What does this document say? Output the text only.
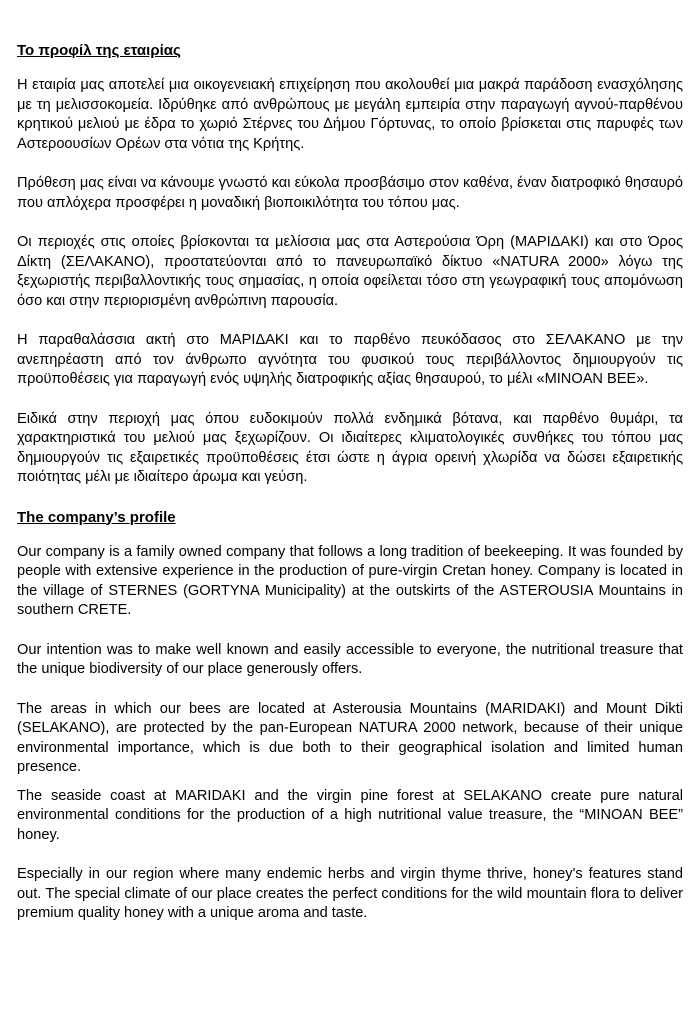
Το προφίλ της εταιρίας

Η εταιρία μας αποτελεί μια οικογενειακή επιχείρηση που ακολουθεί μια μακρά παράδοση ενασχόλησης με τη μελισσοκομεία. Ιδρύθηκε από ανθρώπους με μεγάλη εμπειρία στην παραγωγή αγνού-παρθένου κρητικού μελιού με έδρα το χωριό Στέρνες του Δήμου Γόρτυνας, το οποίο βρίσκεται στις παρυφές των Αστεροουσίων Ορέων στα νότια της Κρήτης.

Πρόθεση μας είναι να κάνουμε γνωστό και εύκολα προσβάσιμο στον καθένα, έναν διατροφικό θησαυρό που απλόχερα προσφέρει η μοναδική βιοποικιλότητα του τόπου μας.

Οι περιοχές στις οποίες βρίσκονται τα μελίσσια μας στα Αστερούσια Όρη (ΜΑΡΙΔΑΚΙ) και στο Όρος Δίκτη (ΣΕΛΑΚΑΝΟ), προστατεύονται από το πανευρωπαϊκό δίκτυο «NATURA 2000» λόγω της ξεχωριστής περιβαλλοντικής τους σημασίας, η οποία οφείλεται τόσο στη γεωγραφική τους απομόνωση όσο και στην περιορισμένη ανθρώπινη παρουσία.

Η παραθαλάσσια ακτή στο ΜΑΡΙΔΑΚΙ και το παρθένο πευκόδασος στο ΣΕΛΑΚΑΝΟ με την ανεπηρέαστη από τον άνθρωπο αγνότητα του φυσικού τους περιβάλλοντος δημιουργούν τις προϋποθέσεις για παραγωγή ενός υψηλής διατροφικής αξίας θησαυρού, το μέλι «MINOAN BEE».

Ειδικά στην περιοχή μας όπου ευδοκιμούν πολλά ενδημικά βότανα, και παρθένο θυμάρι, τα χαρακτηριστικά του μελιού μας ξεχωρίζουν. Οι ιδιαίτερες κλιματολογικές συνθήκες του τόπου μας δημιουργούν τις εξαιρετικές προϋποθέσεις έτσι ώστε η άγρια ορεινή χλωρίδα να δώσει εξαιρετικής ποιότητας μέλι με ιδιαίτερο άρωμα και γεύση.

The company’s profile

Our company is a family owned company that follows a long tradition of beekeeping. It was founded by people with extensive experience in the production of pure-virgin Cretan honey. Company is located in the village of STERNES (GORTYNA Municipality) at the outskirts of the ASTEROUSIA Mountains in southern CRETE.

Our intention was to make well known and easily accessible to everyone, the nutritional treasure that the unique biodiversity of our place generously offers.

The areas in which our bees are located at Asterousia Mountains (MARIDAKI) and Mount Dikti (SELAKANO), are protected by the pan-European NATURA 2000 network, because of their unique environmental importance, which is due both to their geographical isolation and limited human presence.

The seaside coast at MARIDAKI and the virgin pine forest at SELAKANO create pure natural environmental conditions for the production of a high nutritional value treasure, the “MINOAN BEE” honey.

Especially in our region where many endemic herbs and virgin thyme thrive, honey's features stand out. The special climate of our place creates the perfect conditions for the wild mountain flora to deliver premium quality honey with a unique aroma and taste.
